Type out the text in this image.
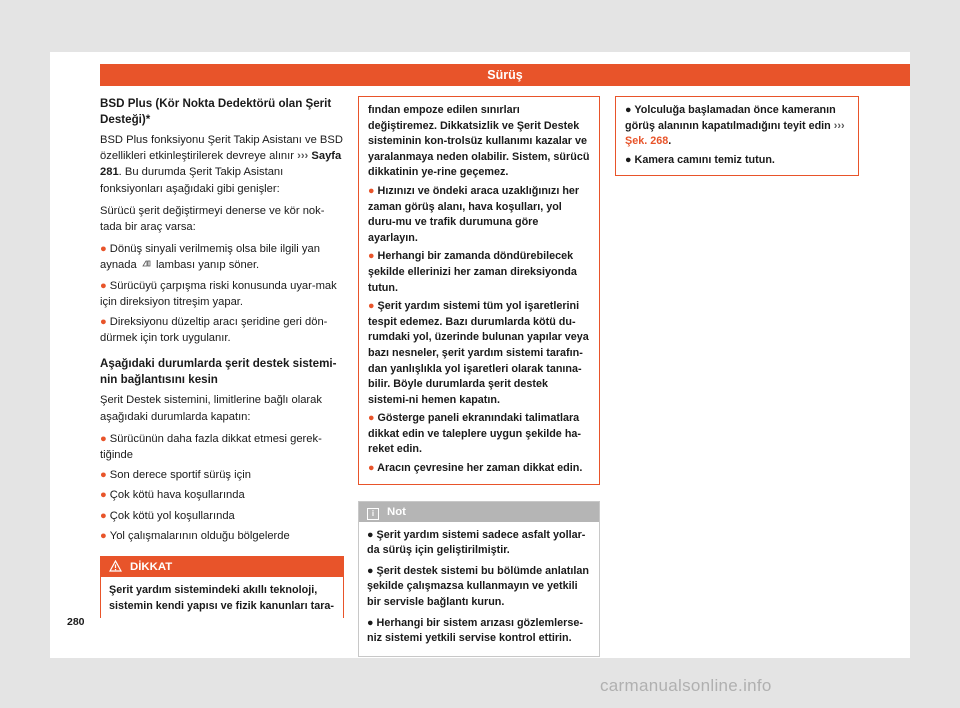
Sürüş
BSD Plus (Kör Nokta Dedektörü olan Şerit Desteği)*

BSD Plus fonksiyonu Şerit Takip Asistanı ve BSD özellikleri etkinleştirilerek devreye alınır ››› Sayfa 281. Bu durumda Şerit Takip Asistanı fonksiyonları aşağıdaki gibi genişler:

Sürücü şerit değiştirmeyi denerse ve kör nok-tada bir araç varsa:

● Dönüş sinyali verilmemiş olsa bile ilgili yan aynada lambası yanıp söner.
● Sürücüyü çarpışma riski konusunda uyar-mak için direksiyon titreşim yapar.
● Direksiyonu düzeltip aracı şeridine geri dön-dürmek için tork uygulanır.
Aşağıdaki durumlarda şerit destek sistemi-nin bağlantısını kesin

Şerit Destek sistemini, limitlerine bağlı olarak aşağıdaki durumlarda kapatın:

● Sürücünün daha fazla dikkat etmesi gerek-tiğinde
● Son derece sportif sürüş için
● Çok kötü hava koşullarında
● Çok kötü yol koşullarında
● Yol çalışmalarının olduğu bölgelerde
DİKKAT
Şerit yardım sistemindeki akıllı teknoloji, sistemin kendi yapısı ve fizik kanunları tara-

fından empoze edilen sınırları değiştiremez. Dikkatsizlik ve Şerit Destek sisteminin kon-trolsüz kullanımı kazalar ve yaralanmaya neden olabilir. Sistem, sürücü dikkatinin ye-rine geçemez.

● Hızınızı ve öndeki araca uzaklığınızı her zaman görüş alanı, hava koşulları, yol duru-mu ve trafik durumuna göre ayarlayın.

● Herhangi bir zamanda döndürebilecek şekilde ellerinizi her zaman direksiyonda tutun.

● Şerit yardım sistemi tüm yol işaretlerini tespit edemez. Bazı durumlarda kötü du-rumdaki yol, üzerinde bulunan yapılar veya bazı nesneler, şerit yardım sistemi tarafın-dan yanlışlıkla yol işaretleri olarak tanına-bilir. Böyle durumlarda şerit destek sistemi-ni hemen kapatın.

● Gösterge paneli ekranındaki talimatlara dikkat edin ve taleplere uygun şekilde ha-reket edin.

● Aracın çevresine her zaman dikkat edin.

i Not

● Şerit yardım sistemi sadece asfalt yollar-da sürüş için geliştirilmiştir.

● Şerit destek sistemi bu bölümde anlatılan şekilde çalışmazsa kullanmayın ve yetkili bir servisle bağlantı kurun.

● Herhangi bir sistem arızası gözlemlerse-niz sistemi yetkili servise kontrol ettirin.

● Yolculuğa başlamadan önce kameranın görüş alanının kapatılmadığını teyit edin ››› Şek. 268.

● Kamera camını temiz tutun.

280
carmanualsonline.info
